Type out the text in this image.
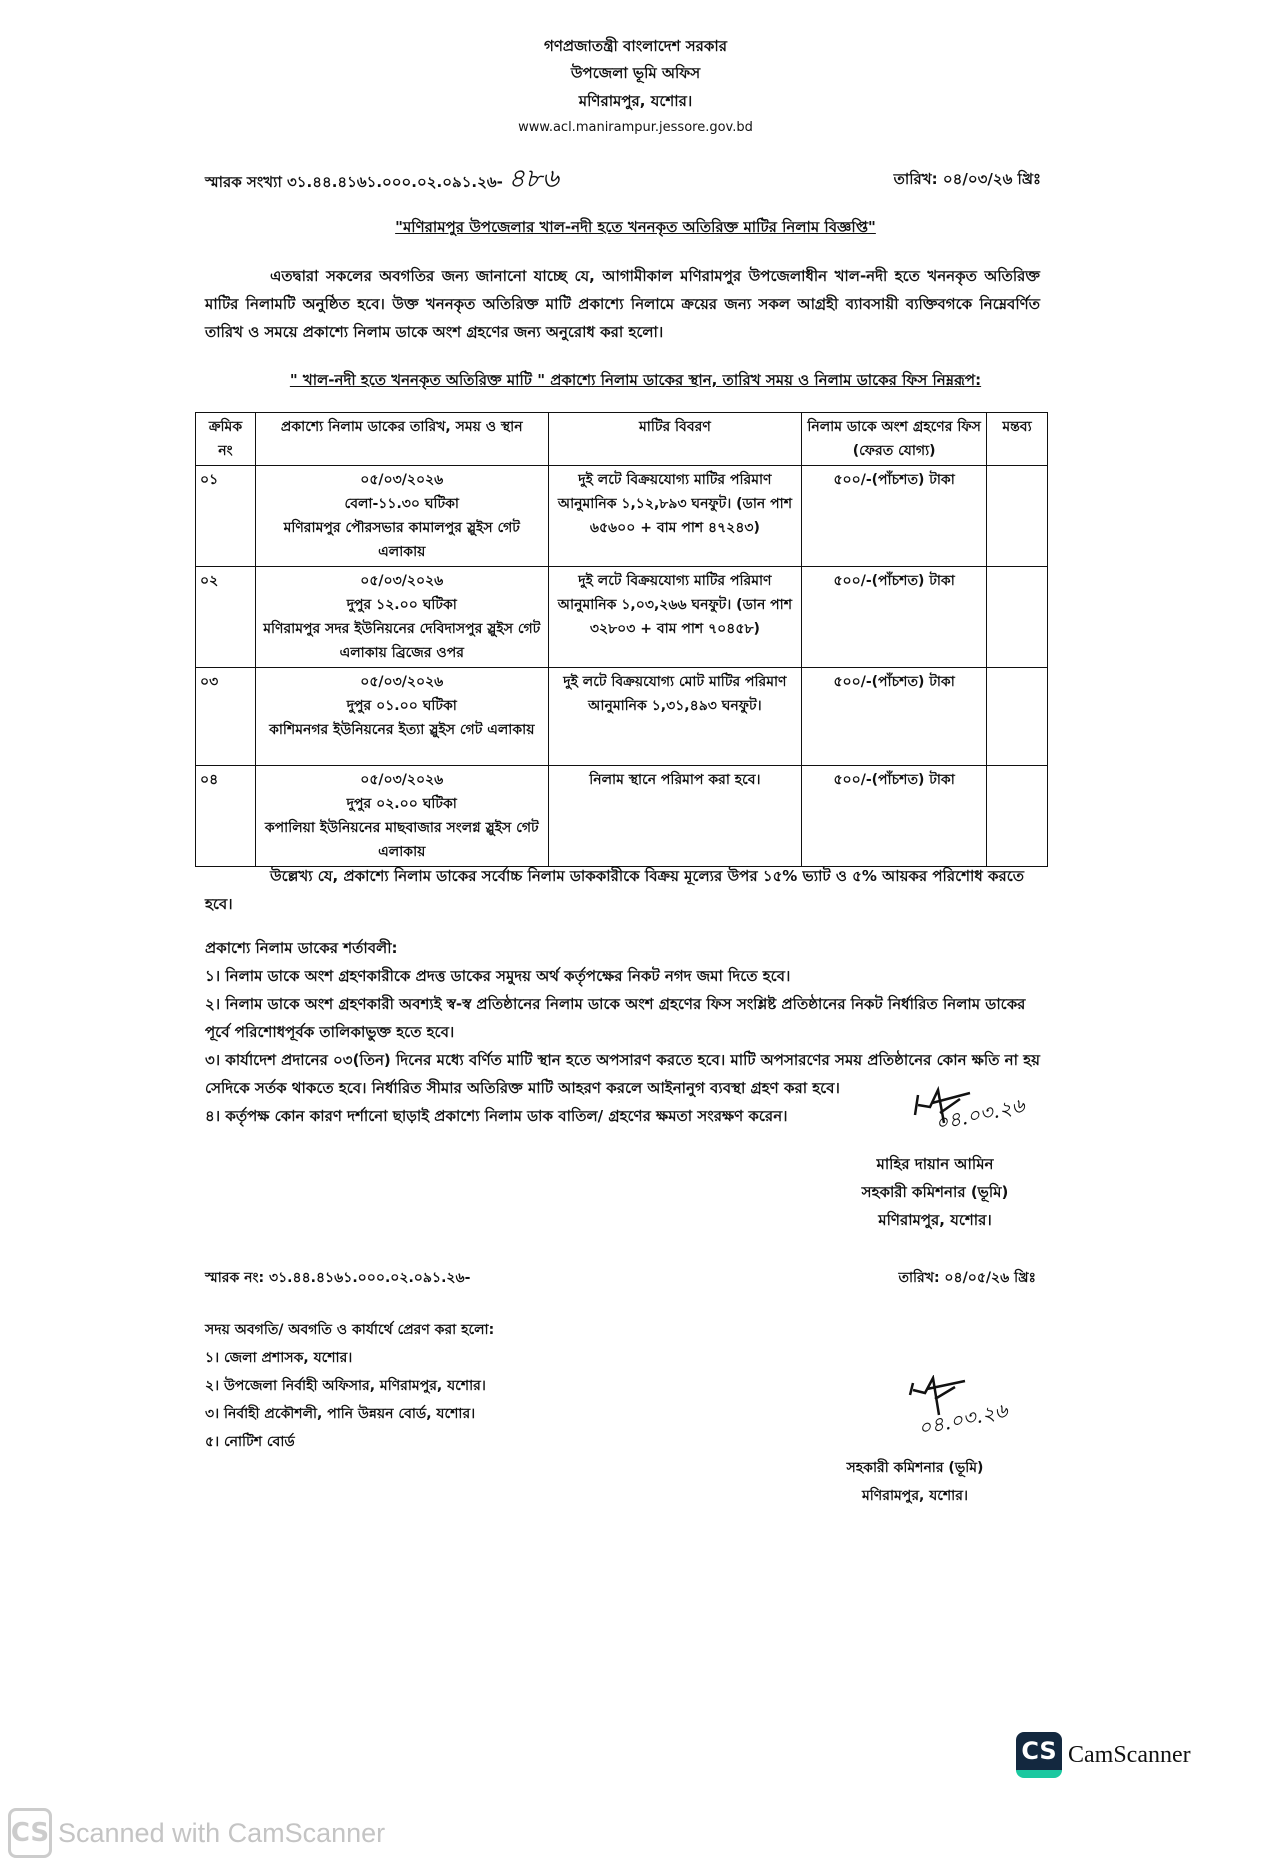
গণপ্রজাতন্ত্রী বাংলাদেশ সরকার
উপজেলা ভূমি অফিস
মণিরামপুর, যশোর।
www.acl.manirampur.jessore.gov.bd
স্মারক সংখ্যা ৩১.৪৪.৪১৬১.০০০.০২.০৯১.২৬- ৪৮৬	তারিখ: ০৪/০৩/২৬ খ্রিঃ
"মণিরামপুর উপজেলার খাল-নদী হতে খননকৃত অতিরিক্ত মাটির নিলাম বিজ্ঞপ্তি"
এতদ্বারা সকলের অবগতির জন্য জানানো যাচ্ছে যে, আগামীকাল মণিরামপুর উপজেলাধীন খাল-নদী হতে খননকৃত অতিরিক্ত মাটির নিলামটি অনুষ্ঠিত হবে। উক্ত খননকৃত অতিরিক্ত মাটি প্রকাশ্যে নিলামে ক্রয়ের জন্য সকল আগ্রহী ব্যাবসায়ী ব্যক্তিবগকে নিম্নেবর্ণিত তারিখ ও সময়ে প্রকাশ্যে নিলাম ডাকে অংশ গ্রহণের জন্য অনুরোধ করা হলো।
" খাল-নদী হতে খননকৃত অতিরিক্ত মাটি " প্রকাশ্যে নিলাম ডাকের স্থান, তারিখ সময় ও নিলাম ডাকের ফিস নিম্নরূপ:
ক্রমিক নং	প্রকাশ্যে নিলাম ডাকের তারিখ, সময় ও স্থান	মাটির বিবরণ	নিলাম ডাকে অংশ গ্রহণের ফিস (ফেরত যোগ্য)	মন্তব্য

০১	০৫/০৩/২০২৬
বেলা-১১.৩০ ঘটিকা
মণিরামপুর পৌরসভার কামালপুর স্লুইস গেট এলাকায়	দুই লটে বিক্রয়যোগ্য মাটির পরিমাণ আনুমানিক ১,১২,৮৯৩ ঘনফুট। (ডান পাশ ৬৫৬০০ + বাম পাশ ৪৭২৪৩)	৫০০/-(পাঁচশত) টাকা	

০২	০৫/০৩/২০২৬
দুপুর ১২.০০ ঘটিকা
মণিরামপুর সদর ইউনিয়নের দেবিদাসপুর স্লুইস গেট এলাকায় ব্রিজের ওপর	দুই লটে বিক্রয়যোগ্য মাটির পরিমাণ আনুমানিক ১,০৩,২৬৬ ঘনফুট। (ডান পাশ ৩২৮০৩ + বাম পাশ ৭০৪৫৮)	৫০০/-(পাঁচশত) টাকা	

০৩	০৫/০৩/২০২৬
দুপুর ০১.০০ ঘটিকা
কাশিমনগর ইউনিয়নের ইত্যা স্লুইস গেট এলাকায়	দুই লটে বিক্রয়যোগ্য মোট মাটির পরিমাণ আনুমানিক ১,৩১,৪৯৩ ঘনফুট।	৫০০/-(পাঁচশত) টাকা	

০৪	০৫/০৩/২০২৬
দুপুর ০২.০০ ঘটিকা
কপালিয়া ইউনিয়নের মাছবাজার সংলগ্ন স্লুইস গেট এলাকায়	নিলাম স্থানে পরিমাপ করা হবে।	৫০০/-(পাঁচশত) টাকা	

উল্লেখ্য যে, প্রকাশ্যে নিলাম ডাকের সর্বোচ্চ নিলাম ডাককারীকে বিক্রয় মূল্যের উপর ১৫% ভ্যাট ও ৫% আয়কর পরিশোধ করতে হবে।
প্রকাশ্যে নিলাম ডাকের শর্তাবলী:
১। নিলাম ডাকে অংশ গ্রহণকারীকে প্রদত্ত ডাকের সমুদয় অর্থ কর্তৃপক্ষের নিকট নগদ জমা দিতে হবে।
২। নিলাম ডাকে অংশ গ্রহণকারী অবশ্যই স্ব-স্ব প্রতিষ্ঠানের নিলাম ডাকে অংশ গ্রহণের ফিস সংশ্লিষ্ট প্রতিষ্ঠানের নিকট নির্ধারিত নিলাম ডাকের পূর্বে পরিশোধপূর্বক তালিকাভুক্ত হতে হবে।
৩। কার্যাদেশ প্রদানের ০৩(তিন) দিনের মধ্যে বর্ণিত মাটি স্থান হতে অপসারণ করতে হবে। মাটি অপসারণের সময় প্রতিষ্ঠানের কোন ক্ষতি না হয় সেদিকে সর্তক থাকতে হবে। নির্ধারিত সীমার অতিরিক্ত মাটি আহরণ করলে আইনানুগ ব্যবস্থা গ্রহণ করা হবে।
৪। কর্তৃপক্ষ কোন কারণ দর্শানো ছাড়াই প্রকাশ্যে নিলাম ডাক বাতিল/ গ্রহণের ক্ষমতা সংরক্ষণ করেন।	০৪.০৩.২৬
মাহির দায়ান আমিন
সহকারী কমিশনার (ভূমি)
মণিরামপুর, যশোর।
স্মারক নং: ৩১.৪৪.৪১৬১.০০০.০২.০৯১.২৬-	তারিখ: ০৪/০৫/২৬ খ্রিঃ
সদয় অবগতি/ অবগতি ও কার্যার্থে প্রেরণ করা হলো:
১। জেলা প্রশাসক, যশোর।
২। উপজেলা নির্বাহী অফিসার, মণিরামপুর, যশোর।
৩। নির্বাহী প্রকৌশলী, পানি উন্নয়ন বোর্ড, যশোর।
৫। নোটিশ বোর্ড
০৪.০৩.২৬
সহকারী কমিশনার (ভূমি)
মণিরামপুর, যশোর।
CS CamScanner
CS Scanned with CamScanner
